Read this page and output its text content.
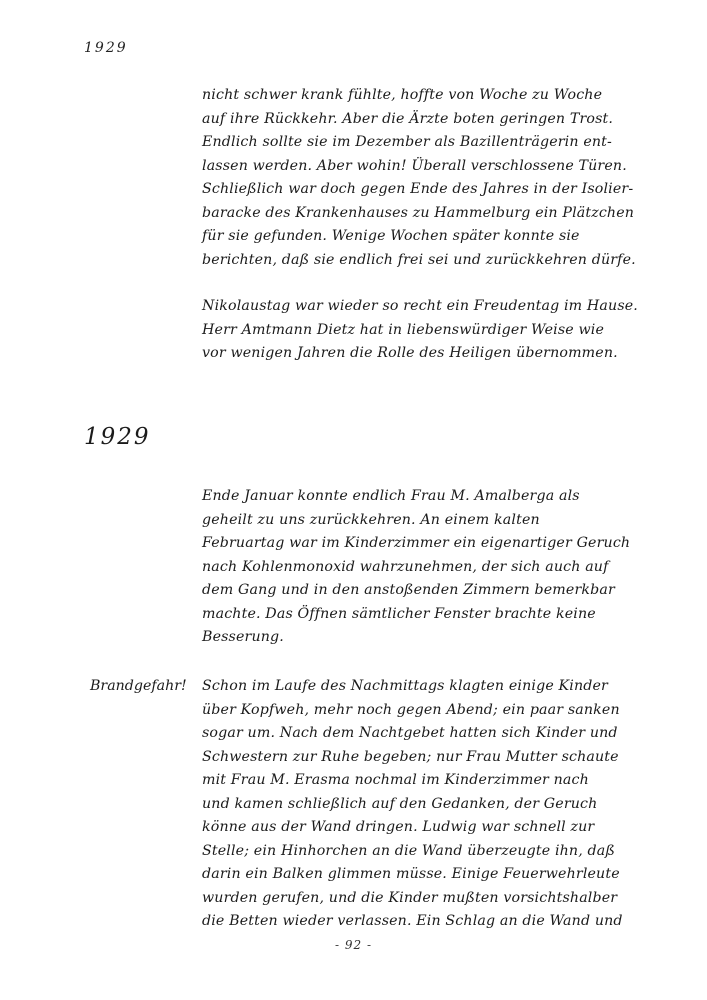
1929
nicht schwer krank fühlte, hoffte von Woche zu Woche
auf ihre Rückkehr. Aber die Ärzte boten geringen Trost.
Endlich sollte sie im Dezember als Bazillenträgerin ent-
lassen werden. Aber wohin! Überall verschlossene Türen.
Schließlich war doch gegen Ende des Jahres in der Isolier-
baracke des Krankenhauses zu Hammelburg ein Plätzchen
für sie gefunden. Wenige Wochen später konnte sie
berichten, daß sie endlich frei sei und zurückkehren dürfe.
Nikolaustag war wieder so recht ein Freudentag im Hause.
Herr Amtmann Dietz hat in liebenswürdiger Weise wie
vor wenigen Jahren die Rolle des Heiligen übernommen.
1929
Ende Januar konnte endlich Frau M. Amalberga als
geheilt zu uns zurückkehren. An einem kalten
Februartag war im Kinderzimmer ein eigenartiger Geruch
nach Kohlenmonoxid wahrzunehmen, der sich auch auf
dem Gang und in den anstoßenden Zimmern bemerkbar
machte. Das Öffnen sämtlicher Fenster brachte keine
Besserung.
Brandgefahr! Schon im Laufe des Nachmittags klagten einige Kinder
über Kopfweh, mehr noch gegen Abend; ein paar sanken
sogar um. Nach dem Nachtgebet hatten sich Kinder und
Schwestern zur Ruhe begeben; nur Frau Mutter schaute
mit Frau M. Erasma nochmal im Kinderzimmer nach
und kamen schließlich auf den Gedanken, der Geruch
könne aus der Wand dringen. Ludwig war schnell zur
Stelle; ein Hinhorchen an die Wand überzeugte ihn, daß
darin ein Balken glimmen müsse. Einige Feuerwehrleute
wurden gerufen, und die Kinder mußten vorsichtshalber
die Betten wieder verlassen. Ein Schlag an die Wand und
- 92 -
